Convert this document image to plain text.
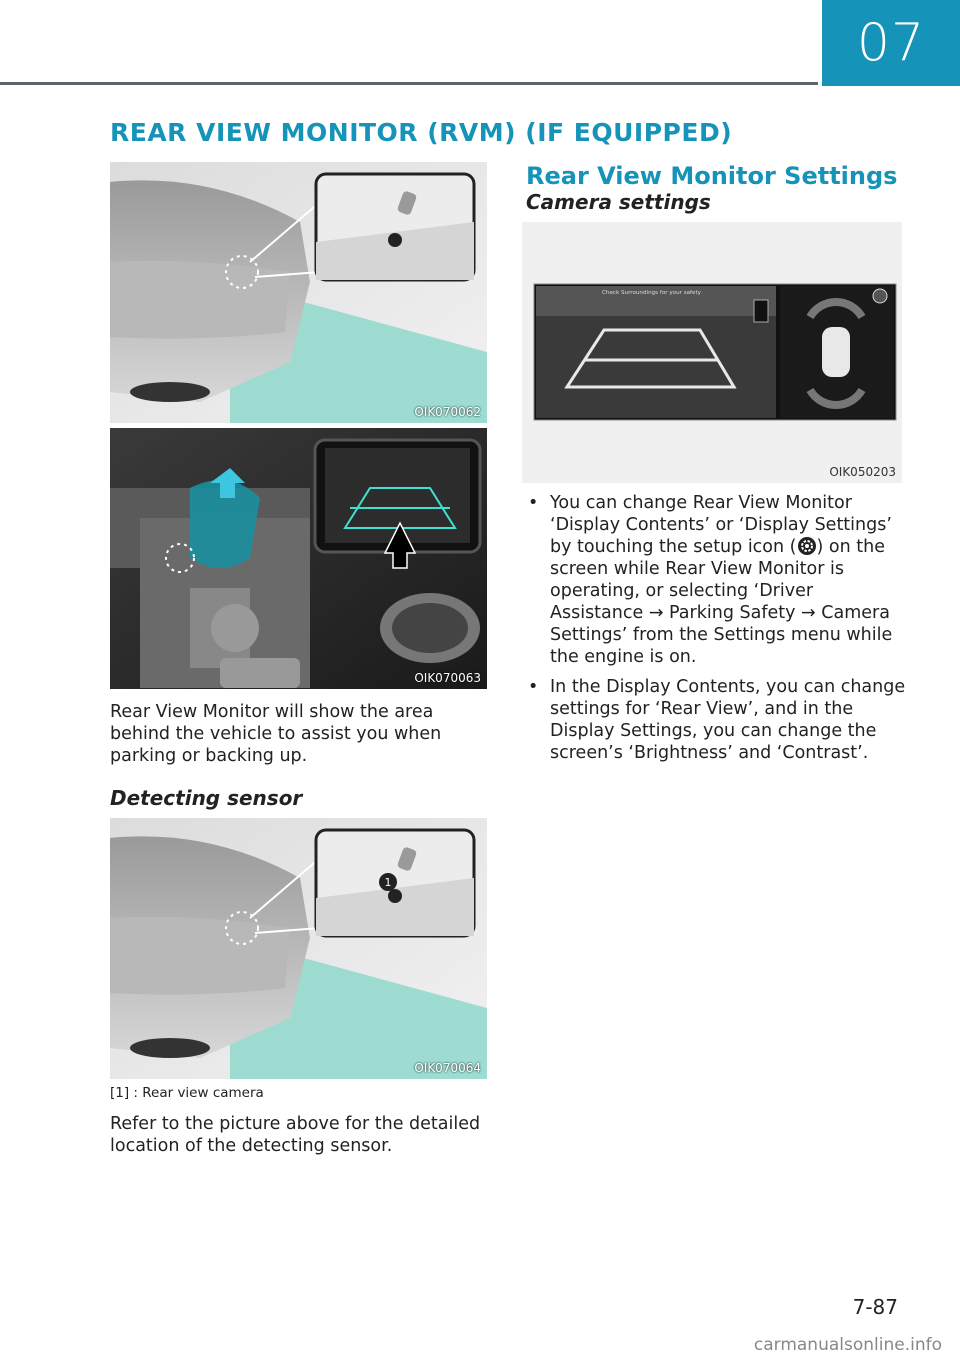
07
REAR VIEW MONITOR (RVM) (IF EQUIPPED)
OIK070062
OIK070063
Rear View Monitor will show the area behind the vehicle to assist you when parking or backing up.
Detecting sensor
1
OIK070064
[1] : Rear view camera
Refer to the picture above for the detailed location of the detecting sensor.
Rear View Monitor Settings
Camera settings
Check Surroundings for your safety
OIK050203
• You can change Rear View Monitor ‘Display Contents’ or ‘Display Settings’ by touching the setup icon ( ) on the screen while Rear View Monitor is operating, or selecting ‘Driver Assistance → Parking Safety → Camera Settings’ from the Settings menu while the engine is on.
• In the Display Contents, you can change settings for ‘Rear View’, and in the Display Settings, you can change the screen’s ‘Brightness’ and ‘Contrast’.
7-87
carmanualsonline.info
